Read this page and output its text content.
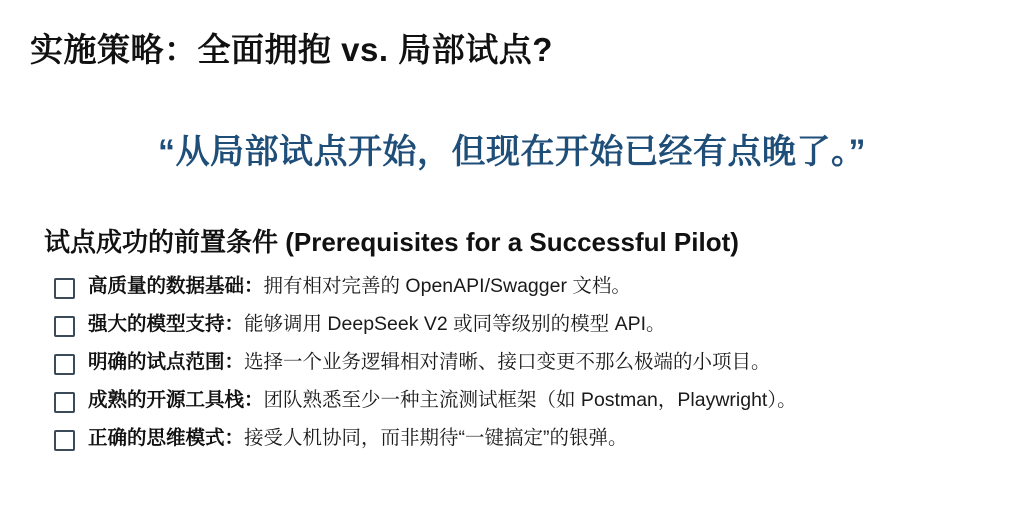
实施策略：全面拥抱 vs. 局部试点?
“从局部试点开始，但现在开始已经有点晚了。”
试点成功的前置条件 (Prerequisites for a Successful Pilot)
高质量的数据基础：拥有相对完善的 OpenAPI/Swagger 文档。
强大的模型支持：能够调用 DeepSeek V2 或同等级别的模型 API。
明确的试点范围：选择一个业务逻辑相对清晰、接口变更不那么极端的小项目。
成熟的开源工具栈：团队熟悉至少一种主流测试框架（如 Postman，Playwright）。
正确的思维模式：接受人机协同，而非期待“一键搞定”的银弹。
